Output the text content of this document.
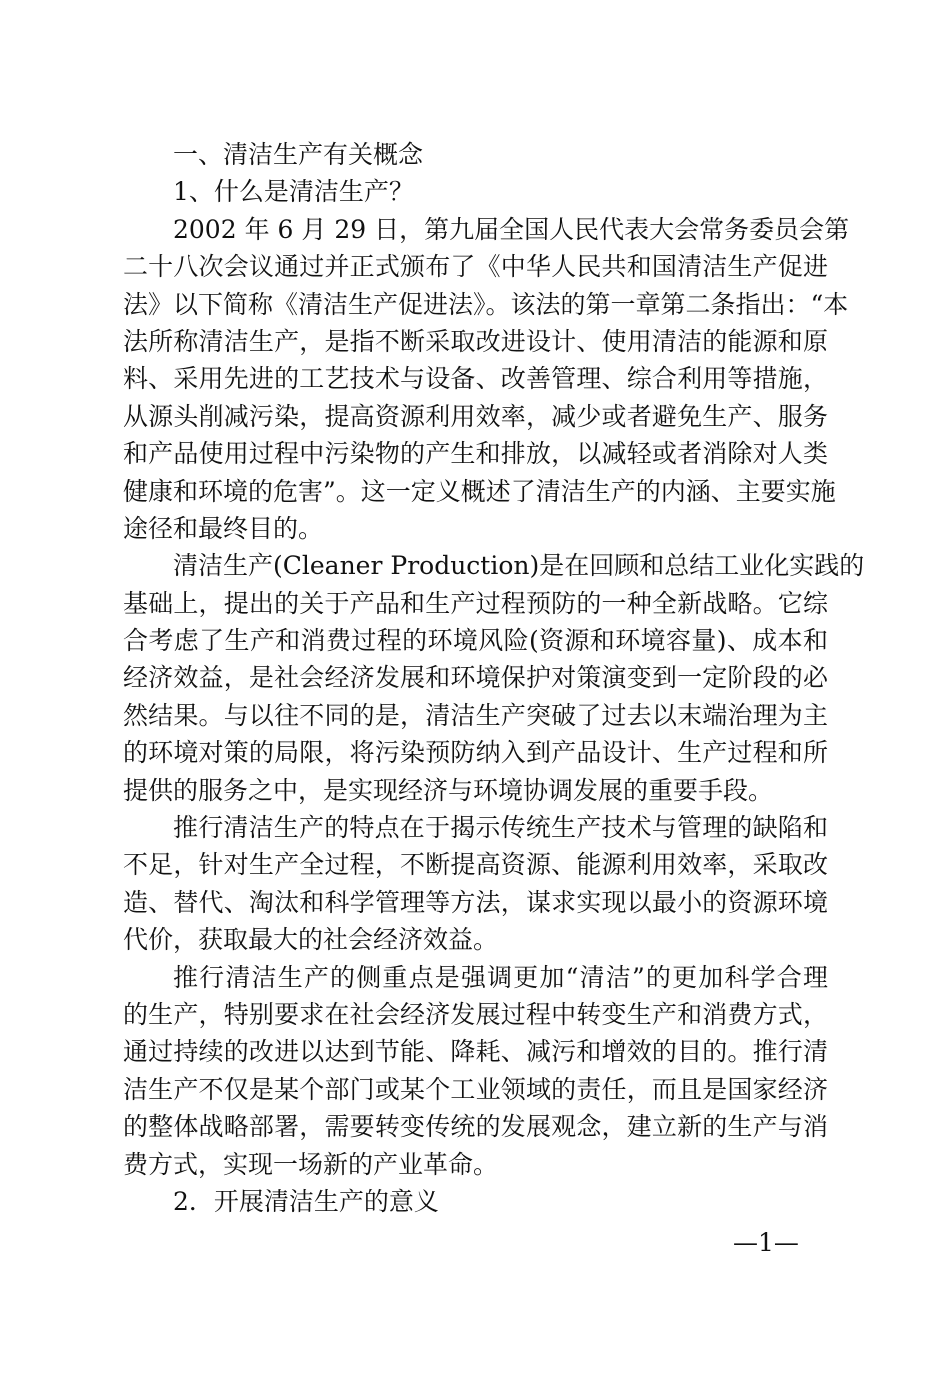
一、清洁生产有关概念

1、什么是清洁生产？

2002 年 6 月 29 日，第九届全国人民代表大会常务委员会第

二十八次会议通过并正式颁布了《中华人民共和国清洁生产促进

法》以下简称《清洁生产促进法》。该法的第一章第二条指出：“本

法所称清洁生产，是指不断采取改进设计、使用清洁的能源和原

料、采用先进的工艺技术与设备、改善管理、综合利用等措施，

从源头削减污染，提高资源利用效率，减少或者避免生产、服务

和产品使用过程中污染物的产生和排放，以减轻或者消除对人类

健康和环境的危害”。这一定义概述了清洁生产的内涵、主要实施

途径和最终目的。

清洁生产(Cleaner Production)是在回顾和总结工业化实践的

基础上，提出的关于产品和生产过程预防的一种全新战略。它综

合考虑了生产和消费过程的环境风险(资源和环境容量)、成本和

经济效益，是社会经济发展和环境保护对策演变到一定阶段的必

然结果。与以往不同的是，清洁生产突破了过去以末端治理为主

的环境对策的局限，将污染预防纳入到产品设计、生产过程和所

提供的服务之中，是实现经济与环境协调发展的重要手段。

推行清洁生产的特点在于揭示传统生产技术与管理的缺陷和

不足，针对生产全过程，不断提高资源、能源利用效率，采取改

造、替代、淘汰和科学管理等方法，谋求实现以最小的资源环境

代价，获取最大的社会经济效益。

推行清洁生产的侧重点是强调更加“清洁”的更加科学合理

的生产，特别要求在社会经济发展过程中转变生产和消费方式，

通过持续的改进以达到节能、降耗、减污和增效的目的。推行清

洁生产不仅是某个部门或某个工业领域的责任，而且是国家经济

的整体战略部署，需要转变传统的发展观念，建立新的生产与消

费方式，实现一场新的产业革命。

2．开展清洁生产的意义

—1—
